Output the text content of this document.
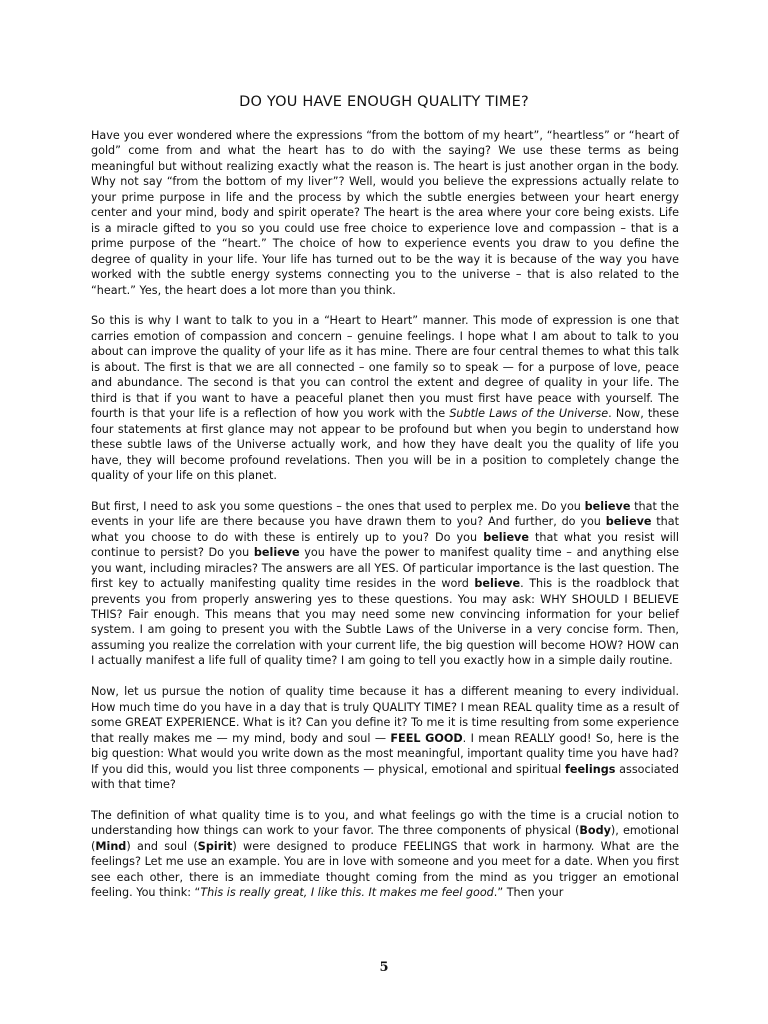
DO YOU HAVE ENOUGH QUALITY TIME?

Have you ever wondered where the expressions “from the bottom of my heart”, “heartless” or “heart of gold” come from and what the heart has to do with the saying? We use these terms as being meaningful but without realizing exactly what the reason is. The heart is just another organ in the body. Why not say “from the bottom of my liver”? Well, would you believe the expressions actually relate to your prime purpose in life and the process by which the subtle energies between your heart energy center and your mind, body and spirit operate? The heart is the area where your core being exists. Life is a miracle gifted to you so you could use free choice to experience love and compassion – that is a prime purpose of the “heart.” The choice of how to experience events you draw to you define the degree of quality in your life. Your life has turned out to be the way it is because of the way you have worked with the subtle energy systems connecting you to the universe – that is also related to the “heart.” Yes, the heart does a lot more than you think.

So this is why I want to talk to you in a “Heart to Heart” manner. This mode of expression is one that carries emotion of compassion and concern – genuine feelings. I hope what I am about to talk to you about can improve the quality of your life as it has mine. There are four central themes to what this talk is about. The first is that we are all connected – one family so to speak — for a purpose of love, peace and abundance. The second is that you can control the extent and degree of quality in your life. The third is that if you want to have a peaceful planet then you must first have peace with yourself. The fourth is that your life is a reflection of how you work with the Subtle Laws of the Universe. Now, these four statements at first glance may not appear to be profound but when you begin to understand how these subtle laws of the Universe actually work, and how they have dealt you the quality of life you have, they will become profound revelations. Then you will be in a position to completely change the quality of your life on this planet.

But first, I need to ask you some questions – the ones that used to perplex me. Do you believe that the events in your life are there because you have drawn them to you? And further, do you believe that what you choose to do with these is entirely up to you? Do you believe that what you resist will continue to persist? Do you believe you have the power to manifest quality time – and anything else you want, including miracles? The answers are all YES. Of particular importance is the last question. The first key to actually manifesting quality time resides in the word believe. This is the roadblock that prevents you from properly answering yes to these questions. You may ask: WHY SHOULD I BELIEVE THIS? Fair enough. This means that you may need some new convincing information for your belief system. I am going to present you with the Subtle Laws of the Universe in a very concise form. Then, assuming you realize the correlation with your current life, the big question will become HOW? HOW can I actually manifest a life full of quality time? I am going to tell you exactly how in a simple daily routine.

Now, let us pursue the notion of quality time because it has a different meaning to every individual. How much time do you have in a day that is truly QUALITY TIME? I mean REAL quality time as a result of some GREAT EXPERIENCE. What is it? Can you define it? To me it is time resulting from some experience that really makes me — my mind, body and soul — FEEL GOOD. I mean REALLY good! So, here is the big question: What would you write down as the most meaningful, important quality time you have had? If you did this, would you list three components — physical, emotional and spiritual feelings associated with that time?

The definition of what quality time is to you, and what feelings go with the time is a crucial notion to understanding how things can work to your favor. The three components of physical (Body), emotional (Mind) and soul (Spirit) were designed to produce FEELINGS that work in harmony. What are the feelings? Let me use an example. You are in love with someone and you meet for a date. When you first see each other, there is an immediate thought coming from the mind as you trigger an emotional feeling. You think: “This is really great, I like this. It makes me feel good.” Then your

5
